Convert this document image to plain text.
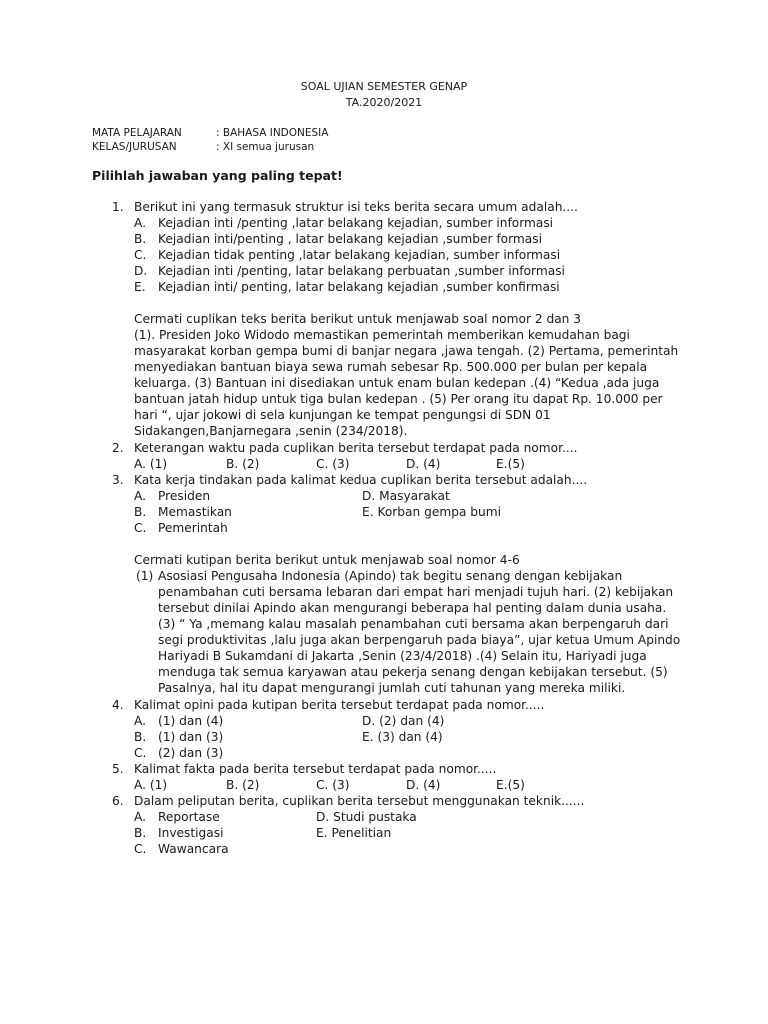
SOAL UJIAN SEMESTER GENAP
TA.2020/2021
MATA PELAJARAN	: BAHASA INDONESIA
KELAS/JURUSAN	: XI semua jurusan
Pilihlah jawaban yang paling tepat!
1. Berikut ini yang termasuk struktur isi teks berita secara umum adalah....
A. Kejadian inti /penting ,latar belakang kejadian, sumber informasi
B. Kejadian inti/penting , latar belakang kejadian ,sumber formasi
C. Kejadian tidak penting ,latar belakang kejadian, sumber informasi
D. Kejadian inti /penting, latar belakang perbuatan ,sumber informasi
E. Kejadian inti/ penting, latar belakang kejadian ,sumber konfirmasi
Cermati cuplikan teks berita berikut untuk menjawab soal nomor 2 dan 3
(1). Presiden Joko Widodo memastikan pemerintah memberikan kemudahan bagi
masyarakat korban gempa bumi di banjar negara ,jawa tengah. (2) Pertama, pemerintah
menyediakan bantuan biaya sewa rumah sebesar Rp. 500.000 per bulan per kepala
keluarga. (3) Bantuan ini disediakan untuk enam bulan kedepan .(4) “Kedua ,ada juga
bantuan jatah hidup untuk tiga bulan kedepan . (5) Per orang itu dapat Rp. 10.000 per
hari “, ujar jokowi di sela kunjungan ke tempat pengungsi di SDN 01
Sidakangen,Banjarnegara ,senin (234/2018).
2. Keterangan waktu pada cuplikan berita tersebut terdapat pada nomor....
A. (1)	B. (2)	C. (3)	D. (4)	E.(5)
3. Kata kerja tindakan pada kalimat kedua cuplikan berita tersebut adalah....
A. Presiden	D. Masyarakat
B. Memastikan	E. Korban gempa bumi
C. Pemerintah
Cermati kutipan berita berikut untuk menjawab soal nomor 4-6
(1) Asosiasi Pengusaha Indonesia (Apindo) tak begitu senang dengan kebijakan
penambahan cuti bersama lebaran dari empat hari menjadi tujuh hari. (2) kebijakan
tersebut dinilai Apindo akan mengurangi beberapa hal penting dalam dunia usaha.
(3) “ Ya ,memang kalau masalah penambahan cuti bersama akan berpengaruh dari
segi produktivitas ,lalu juga akan berpengaruh pada biaya”, ujar ketua Umum Apindo
Hariyadi B Sukamdani di Jakarta ,Senin (23/4/2018) .(4) Selain itu, Hariyadi juga
menduga tak semua karyawan atau pekerja senang dengan kebijakan tersebut. (5)
Pasalnya, hal itu dapat mengurangi jumlah cuti tahunan yang mereka miliki.
4. Kalimat opini pada kutipan berita tersebut terdapat pada nomor.....
A. (1) dan (4)	D. (2) dan (4)
B. (1) dan (3)	E. (3) dan (4)
C. (2) dan (3)
5. Kalimat fakta pada berita tersebut terdapat pada nomor.....
A. (1)	B. (2)	C. (3)	D. (4)	E.(5)
6. Dalam peliputan berita, cuplikan berita tersebut menggunakan teknik......
A. Reportase	D. Studi pustaka
B. Investigasi	E. Penelitian
C. Wawancara
